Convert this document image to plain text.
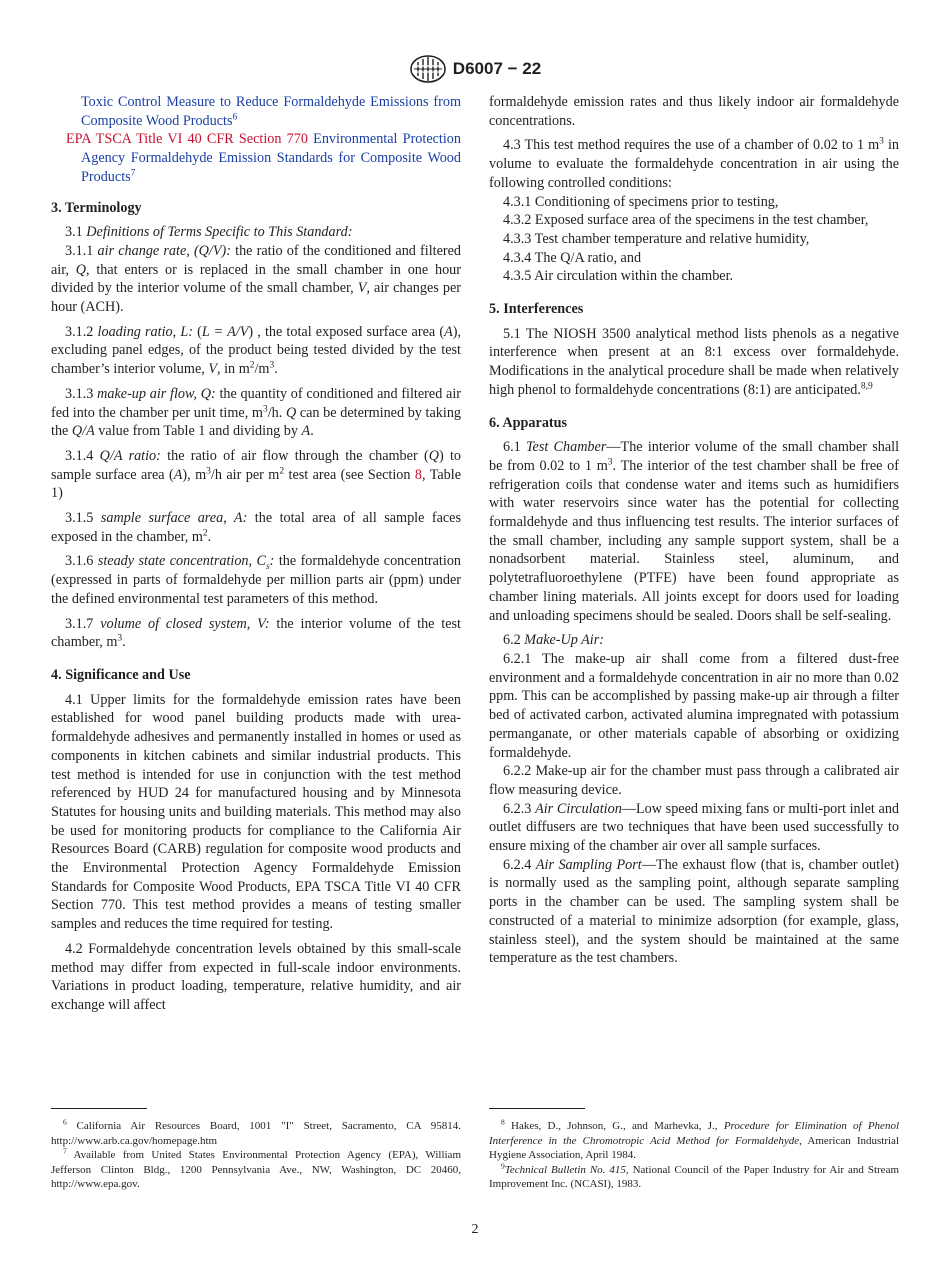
D6007 − 22

Toxic Control Measure to Reduce Formaldehyde Emissions from Composite Wood Products$^6$

EPA TSCA Title VI 40 CFR Section 770 Environmental Protection Agency Formaldehyde Emission Standards for Composite Wood Products$^7$

3. Terminology

3.1 Definitions of Terms Specific to This Standard:

3.1.1 air change rate, (Q/V): the ratio of the conditioned and filtered air, Q, that enters or is replaced in the small chamber in one hour divided by the interior volume of the small chamber, V, air changes per hour (ACH).

3.1.2 loading ratio, L: (L = A/V) , the total exposed surface area (A), excluding panel edges, of the product being tested divided by the test chamber’s interior volume, V, in $m^2/m^3$.

3.1.3 make-up air flow, Q: the quantity of conditioned and filtered air fed into the chamber per unit time, $m^3/h$. Q can be determined by taking the Q/A value from Table 1 and dividing by A.

3.1.4 Q/A ratio: the ratio of air flow through the chamber (Q) to sample surface area (A), $m^3/h$ air per $m^2$ test area (see Section 8, Table 1)

3.1.5 sample surface area, A: the total area of all sample faces exposed in the chamber, $m^2$.

3.1.6 steady state concentration, $C_s$: the formaldehyde concentration (expressed in parts of formaldehyde per million parts air (ppm) under the defined environmental test parameters of this method.

3.1.7 volume of closed system, V: the interior volume of the test chamber, $m^3$.

4. Significance and Use

4.1 Upper limits for the formaldehyde emission rates have been established for wood panel building products made with urea-formaldehyde adhesives and permanently installed in homes or used as components in kitchen cabinets and similar industrial products. This test method is intended for use in conjunction with the test method referenced by HUD 24 for manufactured housing and by Minnesota Statutes for housing units and building materials. This method may also be used for monitoring products for compliance to the California Air Resources Board (CARB) regulation for composite wood products and the Environmental Protection Agency Formaldehyde Emission Standards for Composite Wood Products, EPA TSCA Title VI 40 CFR Section 770. This test method provides a means of testing smaller samples and reduces the time required for testing.

4.2 Formaldehyde concentration levels obtained by this small-scale method may differ from expected in full-scale indoor environments. Variations in product loading, temperature, relative humidity, and air exchange will affect

formaldehyde emission rates and thus likely indoor air formaldehyde concentrations.

4.3 This test method requires the use of a chamber of 0.02 to 1 $m^3$ in volume to evaluate the formaldehyde concentration in air using the following controlled conditions:

4.3.1 Conditioning of specimens prior to testing,

4.3.2 Exposed surface area of the specimens in the test chamber,

4.3.3 Test chamber temperature and relative humidity,

4.3.4 The Q/A ratio, and

4.3.5 Air circulation within the chamber.

5. Interferences

5.1 The NIOSH 3500 analytical method lists phenols as a negative interference when present at an 8:1 excess over formaldehyde. Modifications in the analytical procedure shall be made when relatively high phenol to formaldehyde concentrations (8:1) are anticipated.$^{8,9}$

6. Apparatus

6.1 Test Chamber—The interior volume of the small chamber shall be from 0.02 to 1 $m^3$. The interior of the test chamber shall be free of refrigeration coils that condense water and items such as humidifiers with water reservoirs since water has the potential for collecting formaldehyde and thus influencing test results. The interior surfaces of the small chamber, including any sample support system, shall be a nonadsorbent material. Stainless steel, aluminum, and polytetrafluoroethylene (PTFE) have been found appropriate as chamber lining materials. All joints except for doors used for loading and unloading specimens should be sealed. Doors shall be self-sealing.

6.2 Make-Up Air:

6.2.1 The make-up air shall come from a filtered dust-free environment and a formaldehyde concentration in air no more than 0.02 ppm. This can be accomplished by passing make-up air through a filter bed of activated carbon, activated alumina impregnated with potassium permanganate, or other materials capable of absorbing or oxidizing formaldehyde.

6.2.2 Make-up air for the chamber must pass through a calibrated air flow measuring device.

6.2.3 Air Circulation—Low speed mixing fans or multi-port inlet and outlet diffusers are two techniques that have been used successfully to ensure mixing of the chamber air over all sample surfaces.

6.2.4 Air Sampling Port—The exhaust flow (that is, chamber outlet) is normally used as the sampling point, although separate sampling ports in the chamber can be used. The sampling system shall be constructed of a material to minimize adsorption (for example, glass, stainless steel), and the system should be maintained at the same temperature as the test chambers.

$^6$ California Air Resources Board, 1001 "I" Street, Sacramento, CA 95814. http://www.arb.ca.gov/homepage.htm

$^7$ Available from United States Environmental Protection Agency (EPA), William Jefferson Clinton Bldg., 1200 Pennsylvania Ave., NW, Washington, DC 20460, http://www.epa.gov.

$^8$ Hakes, D., Johnson, G., and Marhevka, J., Procedure for Elimination of Phenol Interference in the Chromotropic Acid Method for Formaldehyde, American Industrial Hygiene Association, April 1984.

$^9$Technical Bulletin No. 415, National Council of the Paper Industry for Air and Stream Improvement Inc. (NCASI), 1983.

2
